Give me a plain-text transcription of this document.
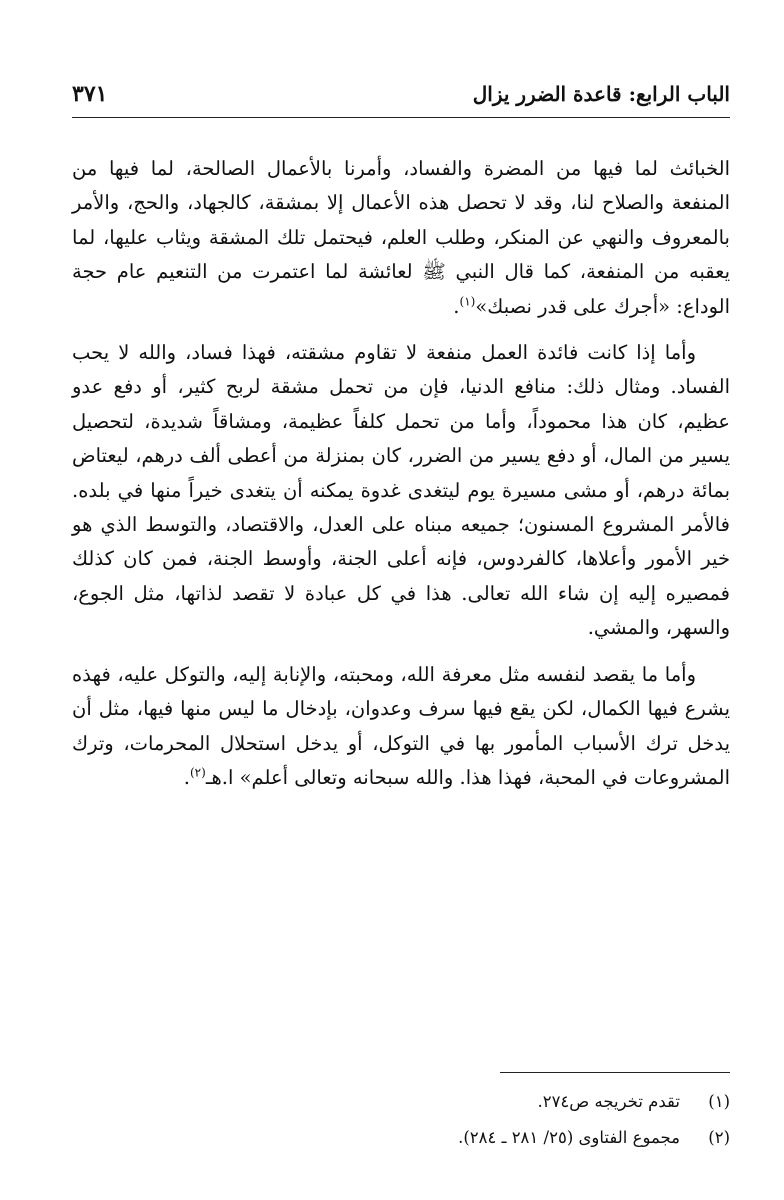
٣٧١	الباب الرابع: قاعدة الضرر يزال

الخبائث لما فيها من المضرة والفساد، وأمرنا بالأعمال الصالحة، لما فيها من المنفعة والصلاح لنا، وقد لا تحصل هذه الأعمال إلا بمشقة، كالجهاد، والحج، والأمر بالمعروف والنهي عن المنكر، وطلب العلم، فيحتمل تلك المشقة ويثاب عليها، لما يعقبه من المنفعة، كما قال النبي ﷺ لعائشة لما اعتمرت من التنعيم عام حجة الوداع: «أجرك على قدر نصبك»$^{(١)}$.

وأما إذا كانت فائدة العمل منفعة لا تقاوم مشقته، فهذا فساد، والله لا يحب الفساد. ومثال ذلك: منافع الدنيا، فإن من تحمل مشقة لربح كثير، أو دفع عدو عظيم، كان هذا محموداً، وأما من تحمل كلفاً عظيمة، ومشاقاً شديدة، لتحصيل يسير من المال، أو دفع يسير من الضرر، كان بمنزلة من أعطى ألف درهم، ليعتاض بمائة درهم، أو مشى مسيرة يوم ليتغدى غدوة يمكنه أن يتغدى خيراً منها في بلده. فالأمر المشروع المسنون؛ جميعه مبناه على العدل، والاقتصاد، والتوسط الذي هو خير الأمور وأعلاها، كالفردوس، فإنه أعلى الجنة، وأوسط الجنة، فمن كان كذلك فمصيره إليه إن شاء الله تعالى. هذا في كل عبادة لا تقصد لذاتها، مثل الجوع، والسهر، والمشي.

وأما ما يقصد لنفسه مثل معرفة الله، ومحبته، والإنابة إليه، والتوكل عليه، فهذه يشرع فيها الكمال، لكن يقع فيها سرف وعدوان، بإدخال ما ليس منها فيها، مثل أن يدخل ترك الأسباب المأمور بها في التوكل، أو يدخل استحلال المحرمات، وترك المشروعات في المحبة، فهذا هذا. والله سبحانه وتعالى أعلم» ا.هـ$^{(٢)}$.

(١)
تقدم تخريجه ص٢٧٤.
(٢)
مجموع الفتاوى (٢٥/ ٢٨١ ـ ٢٨٤).
